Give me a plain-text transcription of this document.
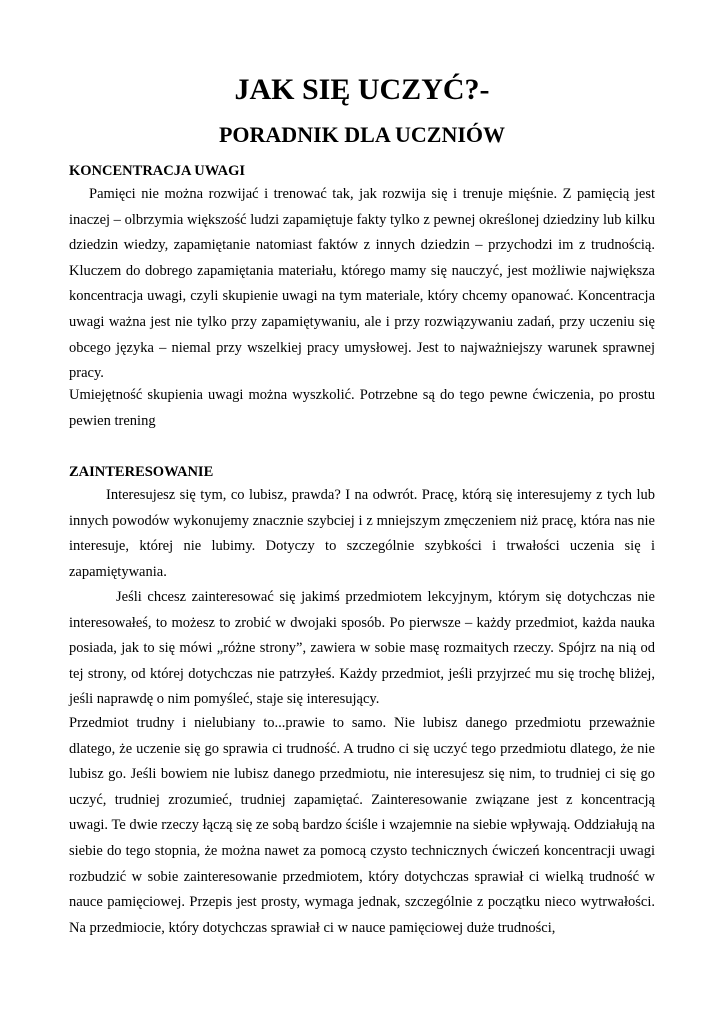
JAK SIĘ UCZYĆ?-
PORADNIK DLA UCZNIÓW
KONCENTRACJA UWAGI

Pamięci nie można rozwijać i trenować tak, jak rozwija się i trenuje mięśnie. Z pamięcią jest inaczej – olbrzymia większość ludzi zapamiętuje fakty tylko z pewnej określonej dziedziny lub kilku dziedzin wiedzy, zapamiętanie natomiast faktów z innych dziedzin – przychodzi im z trudnością. Kluczem do dobrego zapamiętania materiału, którego mamy się nauczyć, jest możliwie największa koncentracja uwagi, czyli skupienie uwagi na tym materiale, który chcemy opanować. Koncentracja uwagi ważna jest nie tylko przy zapamiętywaniu, ale i przy rozwiązywaniu zadań, przy uczeniu się obcego języka – niemal przy wszelkiej pracy umysłowej. Jest to najważniejszy warunek sprawnej pracy.

Umiejętność skupienia uwagi można wyszkolić. Potrzebne są do tego pewne ćwiczenia, po prostu pewien trening

ZAINTERESOWANIE

Interesujesz się tym, co lubisz, prawda? I na odwrót. Pracę, którą się interesujemy z tych lub innych powodów wykonujemy znacznie szybciej i z mniejszym zmęczeniem niż pracę, która nas nie interesuje, której nie lubimy. Dotyczy to szczególnie szybkości i trwałości uczenia się i zapamiętywania.

Jeśli chcesz zainteresować się jakimś przedmiotem lekcyjnym, którym się dotychczas nie interesowałeś, to możesz to zrobić w dwojaki sposób. Po pierwsze – każdy przedmiot, każda nauka posiada, jak to się mówi „różne strony”, zawiera w sobie masę rozmaitych rzeczy. Spójrz na nią od tej strony, od której dotychczas nie patrzyłeś. Każdy przedmiot, jeśli przyjrzeć mu się trochę bliżej, jeśli naprawdę o nim pomyśleć, staje się interesujący.

Przedmiot trudny i nielubiany to...prawie to samo. Nie lubisz danego przedmiotu przeważnie dlatego, że uczenie się go sprawia ci trudność. A trudno ci się uczyć tego przedmiotu dlatego, że nie lubisz go. Jeśli bowiem nie lubisz danego przedmiotu, nie interesujesz się nim, to trudniej ci się go uczyć, trudniej zrozumieć, trudniej zapamiętać. Zainteresowanie związane jest z koncentracją uwagi. Te dwie rzeczy łączą się ze sobą bardzo ściśle i wzajemnie na siebie wpływają. Oddziałują na siebie do tego stopnia, że można nawet za pomocą czysto technicznych ćwiczeń koncentracji uwagi rozbudzić w sobie zainteresowanie przedmiotem, który dotychczas sprawiał ci wielką trudność w nauce pamięciowej. Przepis jest prosty, wymaga jednak, szczególnie z początku nieco wytrwałości. Na przedmiocie, który dotychczas sprawiał ci w nauce pamięciowej duże trudności,
